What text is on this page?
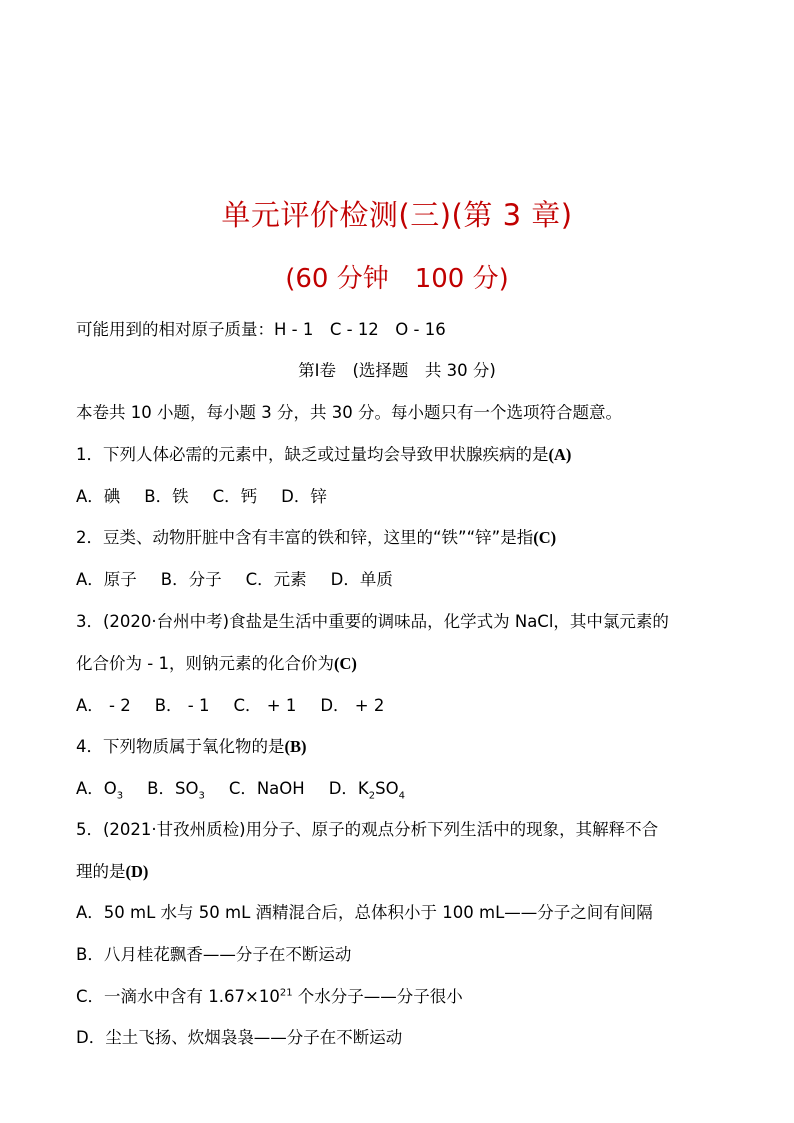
单元评价检测(三)(第 3 章)
(60 分钟　100 分)
可能用到的相对原子质量：H - 1　C - 12　O - 16
第Ⅰ卷　(选择题　共 30 分)
本卷共 10 小题，每小题 3 分，共 30 分。每小题只有一个选项符合题意。
1．下列人体必需的元素中，缺乏或过量均会导致甲状腺疾病的是(A)
A．碘 B．铁 C．钙 D．锌
2．豆类、动物肝脏中含有丰富的铁和锌，这里的“铁”“锌”是指(C)
A．原子 B．分子 C．元素 D．单质
3．(2020·台州中考)食盐是生活中重要的调味品，化学式为 NaCl，其中氯元素的
化合价为 - 1，则钠元素的化合价为(C)
A． - 2 B． - 1 C． + 1 D． + 2
4．下列物质属于氧化物的是(B)
A．$O_3$ B．$SO_3$ C．NaOH D．$K_2SO_4$
5．(2021·甘孜州质检)用分子、原子的观点分析下列生活中的现象，其解释不合
理的是(D)
A．50 mL 水与 50 mL 酒精混合后，总体积小于 100 mL——分子之间有间隔
B．八月桂花飘香——分子在不断运动
C．一滴水中含有 $1.67\times 10^{21}$ 个水分子——分子很小
D．尘土飞扬、炊烟袅袅——分子在不断运动
